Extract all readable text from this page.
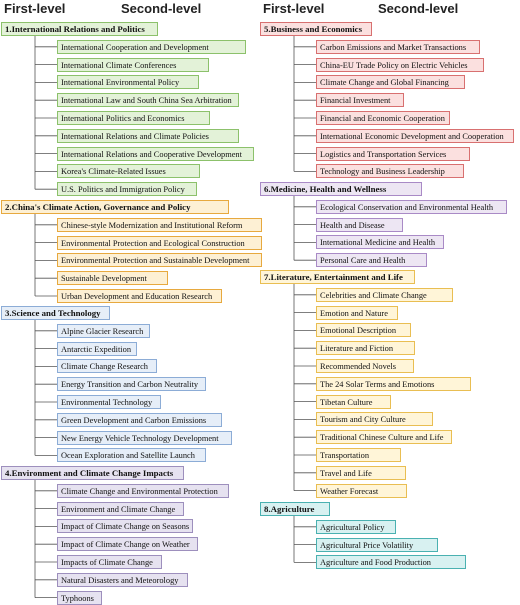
First-level	Second-level	First-level	Second-level
1.International Relations and Politics
International Cooperation and Development
International Climate Conferences
International Environmental Policy
International Law and South China Sea Arbitration
International Politics and Economics
International Relations and Climate Policies
International Relations and Cooperative Development
Korea's Climate-Related Issues
U.S. Politics and Immigration Policy
2.China's Climate Action, Governance and Policy
Chinese-style Modernization and Institutional Reform
Environmental Protection and Ecological Construction
Environmental Protection and Sustainable Development
Sustainable Development
Urban Development and Education Research
3.Science and Technology
Alpine Glacier Research
Antarctic Expedition
Climate Change Research
Energy Transition and Carbon Neutrality
Environmental Technology
Green Development and Carbon Emissions
New Energy Vehicle Technology Development
Ocean Exploration and Satellite Launch
4.Environment and Climate Change Impacts
Climate Change and Environmental Protection
Environment and Climate Change
Impact of Climate Change on Seasons
Impact of Climate Change on Weather
Impacts of Climate Change
Natural Disasters and Meteorology
Typhoons
5.Business and Economics
Carbon Emissions and Market Transactions
China-EU Trade Policy on Electric Vehicles
Climate Change and Global Financing
Financial Investment
Financial and Economic Cooperation
International Economic Development and Cooperation
Logistics and Transportation Services
Technology and Business Leadership
6.Medicine, Health and Wellness
Ecological Conservation and Environmental Health
Health and Disease
International Medicine and Health
Personal Care and Health
7.Literature, Entertainment and Life
Celebrities and Climate Change
Emotion and Nature
Emotional Description
Literature and Fiction
Recommended Novels
The 24 Solar Terms and Emotions
Tibetan Culture
Tourism and City Culture
Traditional Chinese Culture and Life
Transportation
Travel and Life
Weather Forecast
8.Agriculture
Agricultural Policy
Agricultural Price Volatility
Agriculture and Food Production
